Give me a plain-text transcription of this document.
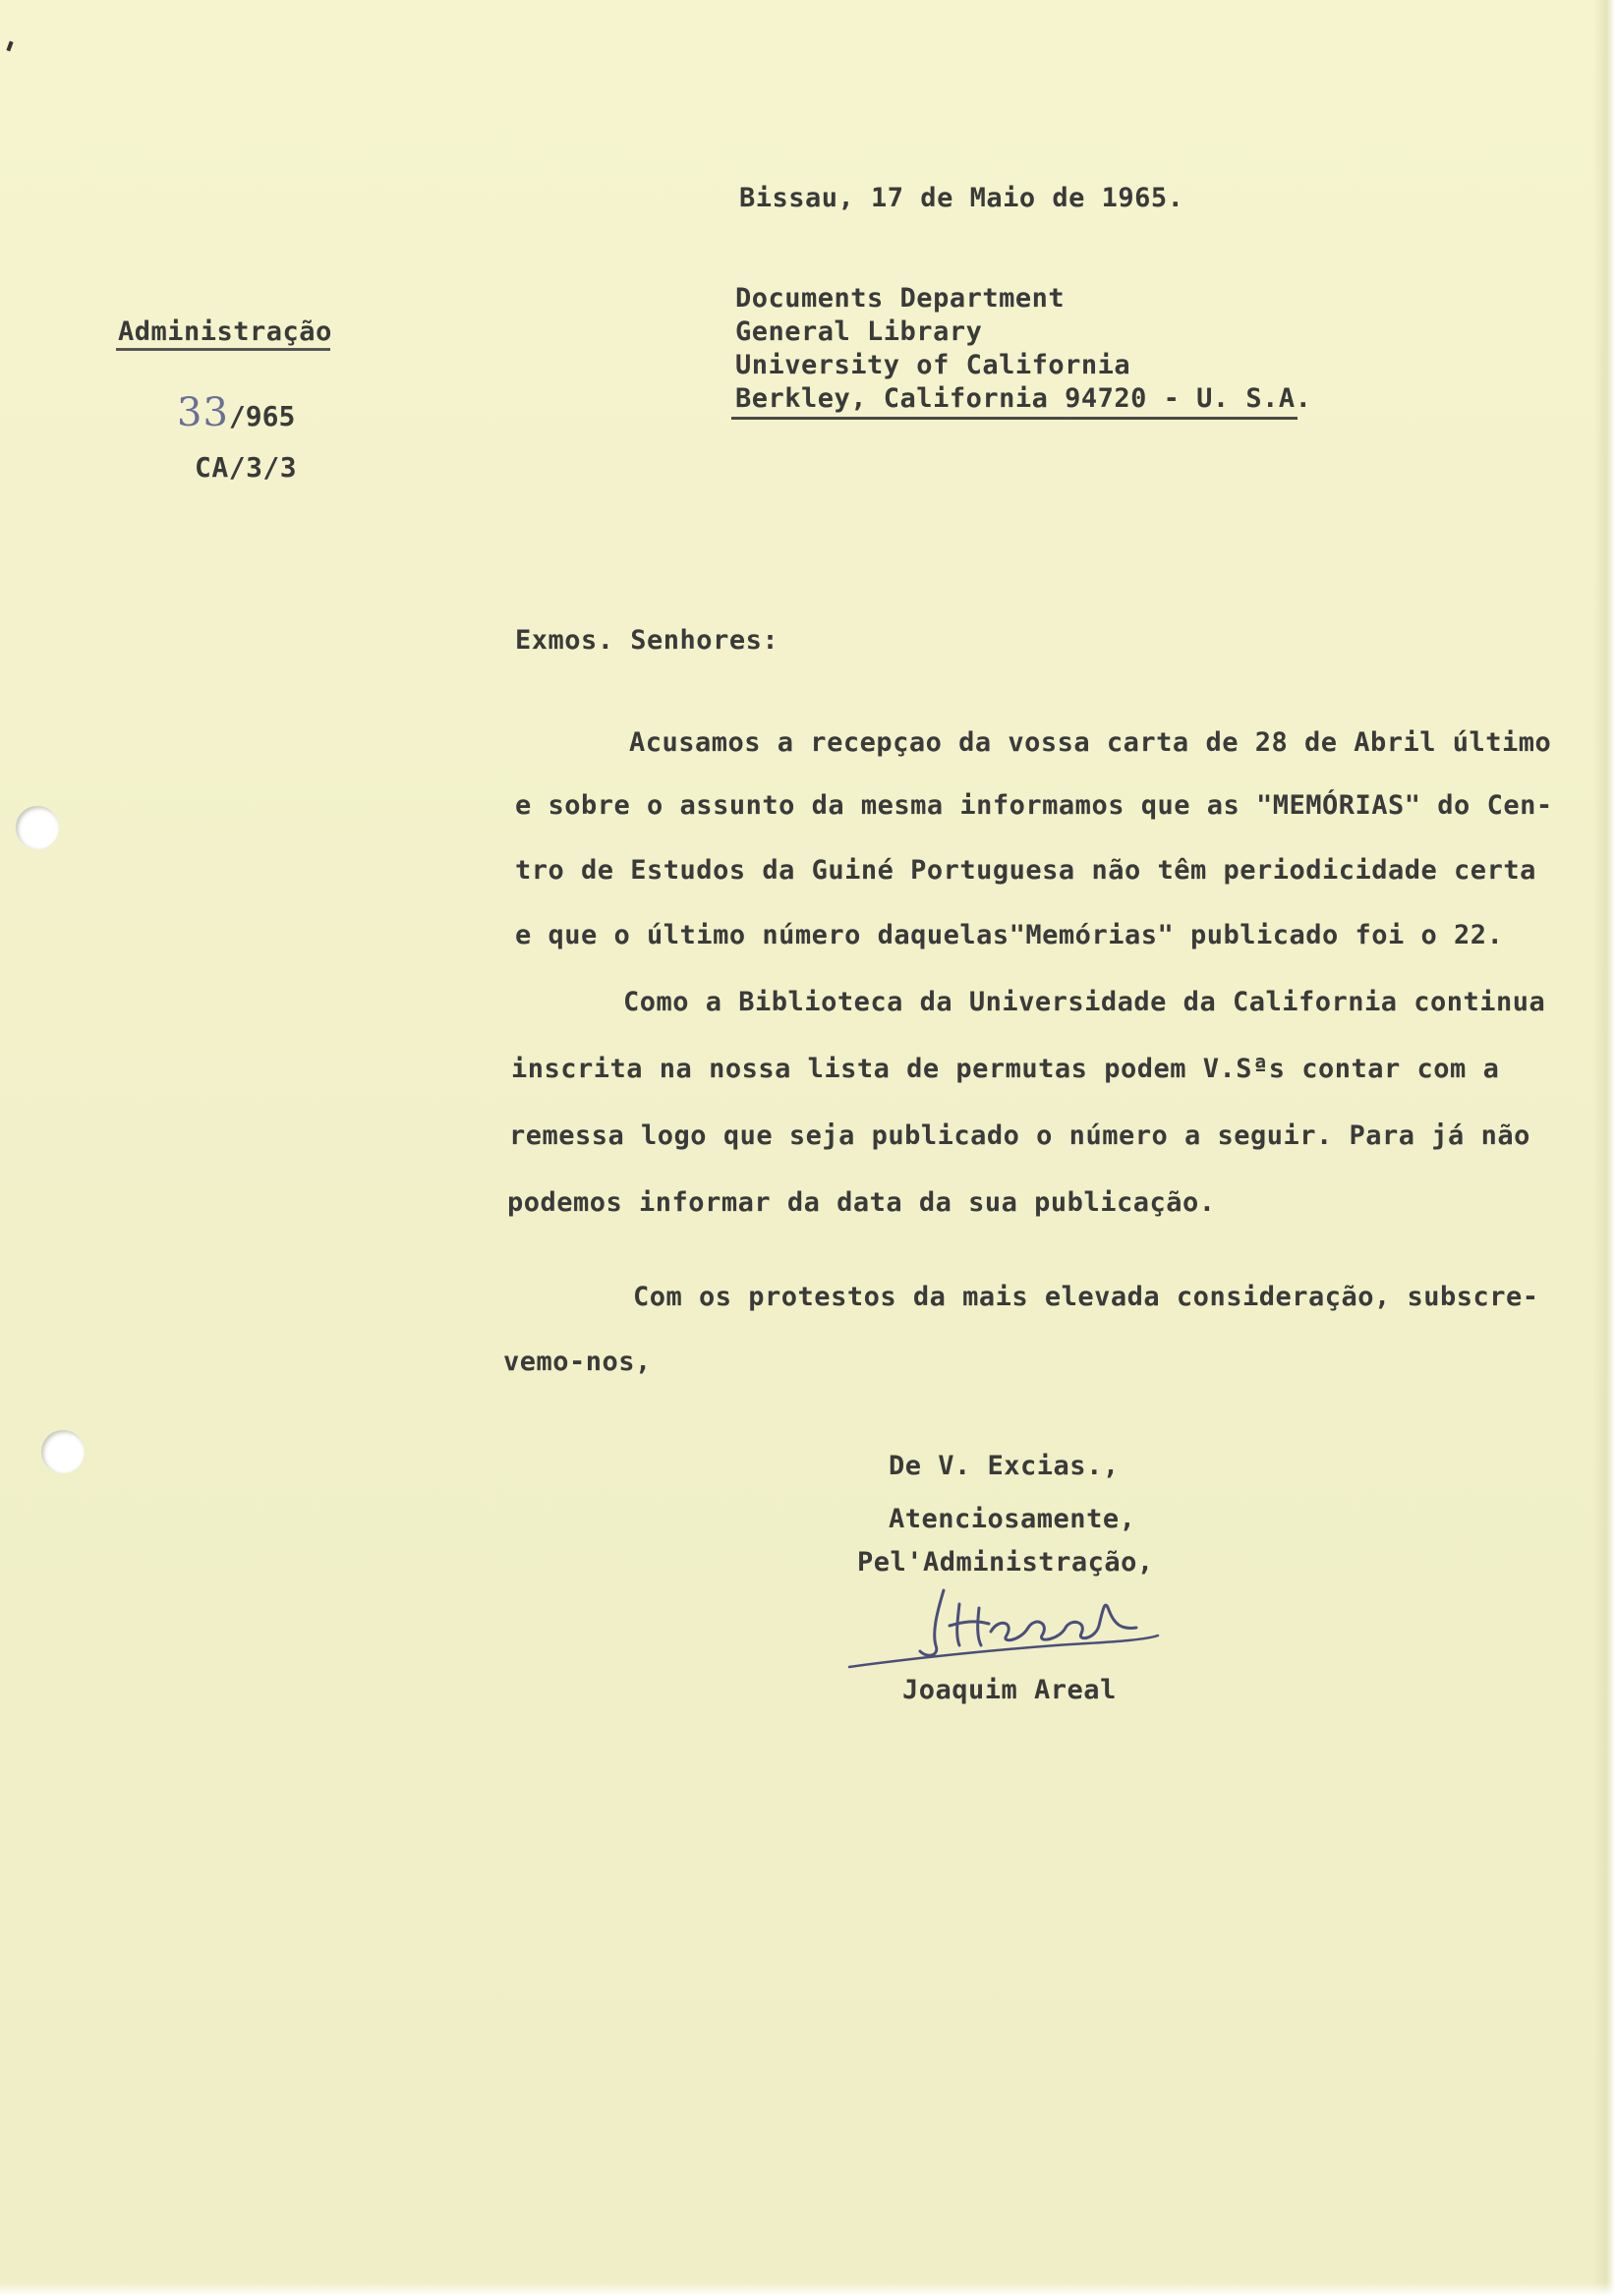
Bissau, 17 de Maio de 1965.
Documents Department
General Library
University of California
Berkley, California 94720 - U. S.A.
Administração
33/965
CA/3/3
Exmos. Senhores:
Acusamos a recepçao da vossa carta de 28 de Abril último
e sobre o assunto da mesma informamos que as "MEMÓRIAS" do Cen-
tro de Estudos da Guiné Portuguesa não têm periodicidade certa
e que o último número daquelas"Memórias" publicado foi o 22.
Como a Biblioteca da Universidade da California continua
inscrita na nossa lista de permutas podem V.Sªs contar com a
remessa logo que seja publicado o número a seguir. Para já não
podemos informar da data da sua publicação.
Com os protestos da mais elevada consideração, subscre-
vemo-nos,
De V. Excias.,
Atenciosamente,
Pel'Administração,
Joaquim Areal
